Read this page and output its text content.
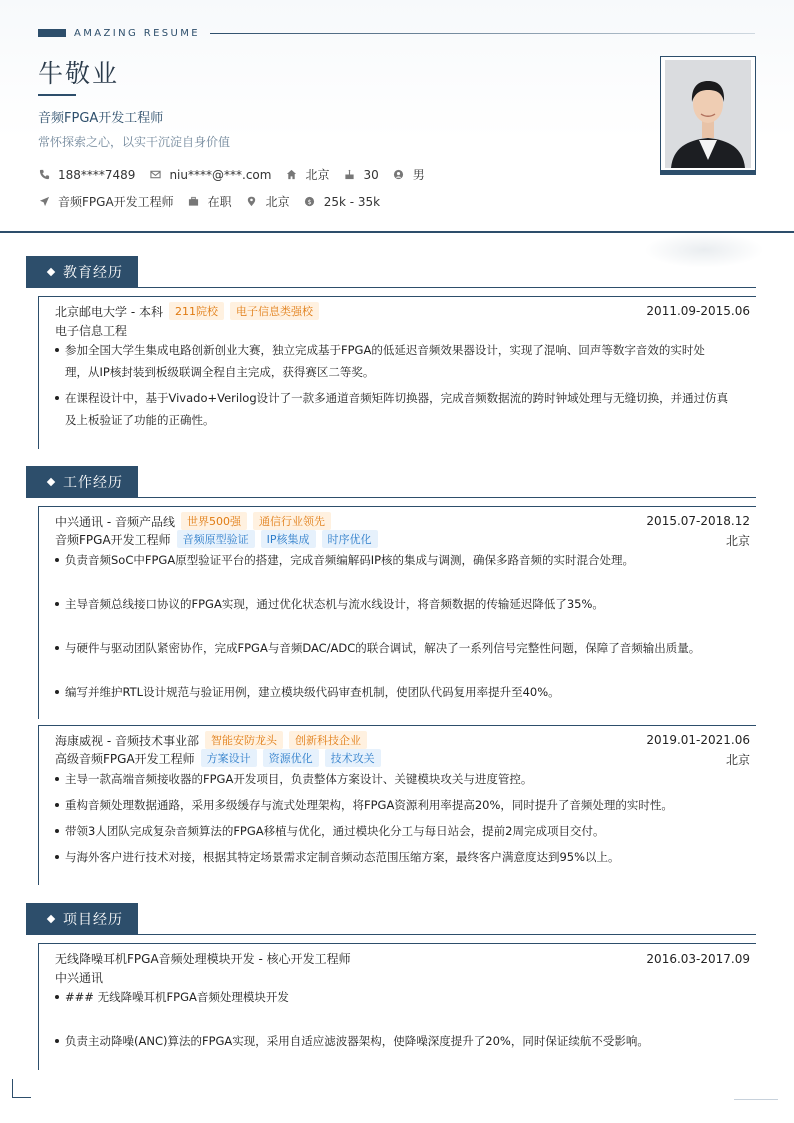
AMAZING RESUME
牛敬业
音频FPGA开发工程师
常怀探索之心，以实干沉淀自身价值
188****7489	niu****@***.com	北京	30	男
音频FPGA开发工程师	在职	北京	$ 25k - 35k
教育经历
北京邮电大学 - 本科	211院校	电子信息类强校	2011.09-2015.06
电子信息工程
参加全国大学生集成电路创新创业大赛，独立完成基于FPGA的低延迟音频效果器设计，实现了混响、回声等数字音效的实时处
理，从IP核封装到板级联调全程自主完成，获得赛区二等奖。
在课程设计中，基于Vivado+Verilog设计了一款多通道音频矩阵切换器，完成音频数据流的跨时钟域处理与无缝切换，并通过仿真
及上板验证了功能的正确性。
工作经历
中兴通讯 - 音频产品线	世界500强	通信行业领先	2015.07-2018.12
音频FPGA开发工程师	音频原型验证	IP核集成	时序优化	北京
负责音频SoC中FPGA原型验证平台的搭建，完成音频编解码IP核的集成与调测，确保多路音频的实时混合处理。
主导音频总线接口协议的FPGA实现，通过优化状态机与流水线设计，将音频数据的传输延迟降低了35%。
与硬件与驱动团队紧密协作，完成FPGA与音频DAC/ADC的联合调试，解决了一系列信号完整性问题，保障了音频输出质量。
编写并维护RTL设计规范与验证用例，建立模块级代码审查机制，使团队代码复用率提升至40%。
海康威视 - 音频技术事业部	智能安防龙头	创新科技企业	2019.01-2021.06
高级音频FPGA开发工程师	方案设计	资源优化	技术攻关	北京
主导一款高端音频接收器的FPGA开发项目，负责整体方案设计、关键模块攻关与进度管控。
重构音频处理数据通路，采用多级缓存与流式处理架构，将FPGA资源利用率提高20%，同时提升了音频处理的实时性。
带领3人团队完成复杂音频算法的FPGA移植与优化，通过模块化分工与每日站会，提前2周完成项目交付。
与海外客户进行技术对接，根据其特定场景需求定制音频动态范围压缩方案，最终客户满意度达到95%以上。
项目经历
无线降噪耳机FPGA音频处理模块开发 - 核心开发工程师	2016.03-2017.09
中兴通讯
### 无线降噪耳机FPGA音频处理模块开发
负责主动降噪(ANC)算法的FPGA实现，采用自适应滤波器架构，使降噪深度提升了20%，同时保证续航不受影响。
